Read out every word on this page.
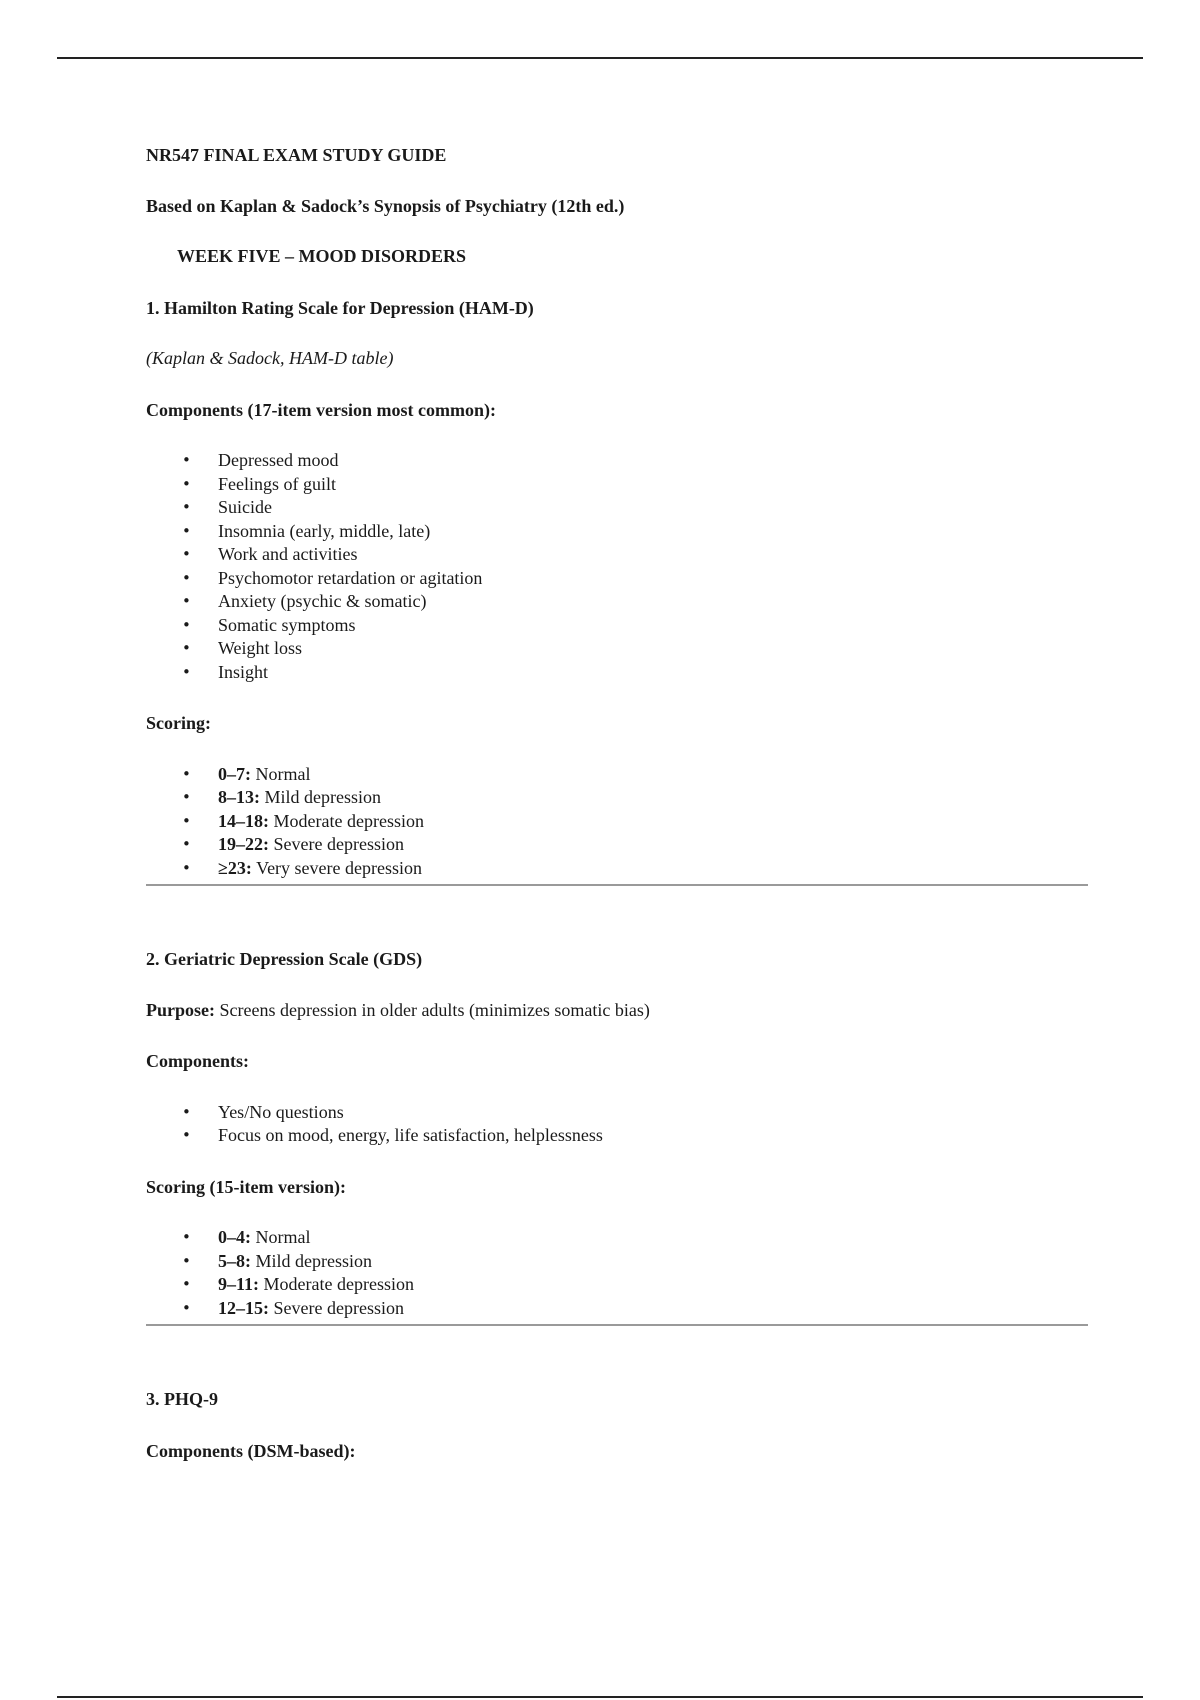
NR547 FINAL EXAM STUDY GUIDE

Based on Kaplan & Sadock’s Synopsis of Psychiatry (12th ed.)

WEEK FIVE – MOOD DISORDERS

1. Hamilton Rating Scale for Depression (HAM-D)

(Kaplan & Sadock, HAM-D table)

Components (17-item version most common):

• Depressed mood
• Feelings of guilt
• Suicide
• Insomnia (early, middle, late)
• Work and activities
• Psychomotor retardation or agitation
• Anxiety (psychic & somatic)
• Somatic symptoms
• Weight loss
• Insight

Scoring:

• 0–7: Normal
• 8–13: Mild depression
• 14–18: Moderate depression
• 19–22: Severe depression
• ≥23: Very severe depression

2. Geriatric Depression Scale (GDS)

Purpose: Screens depression in older adults (minimizes somatic bias)

Components:

• Yes/No questions
• Focus on mood, energy, life satisfaction, helplessness

Scoring (15-item version):

• 0–4: Normal
• 5–8: Mild depression
• 9–11: Moderate depression
• 12–15: Severe depression

3. PHQ-9

Components (DSM-based):
